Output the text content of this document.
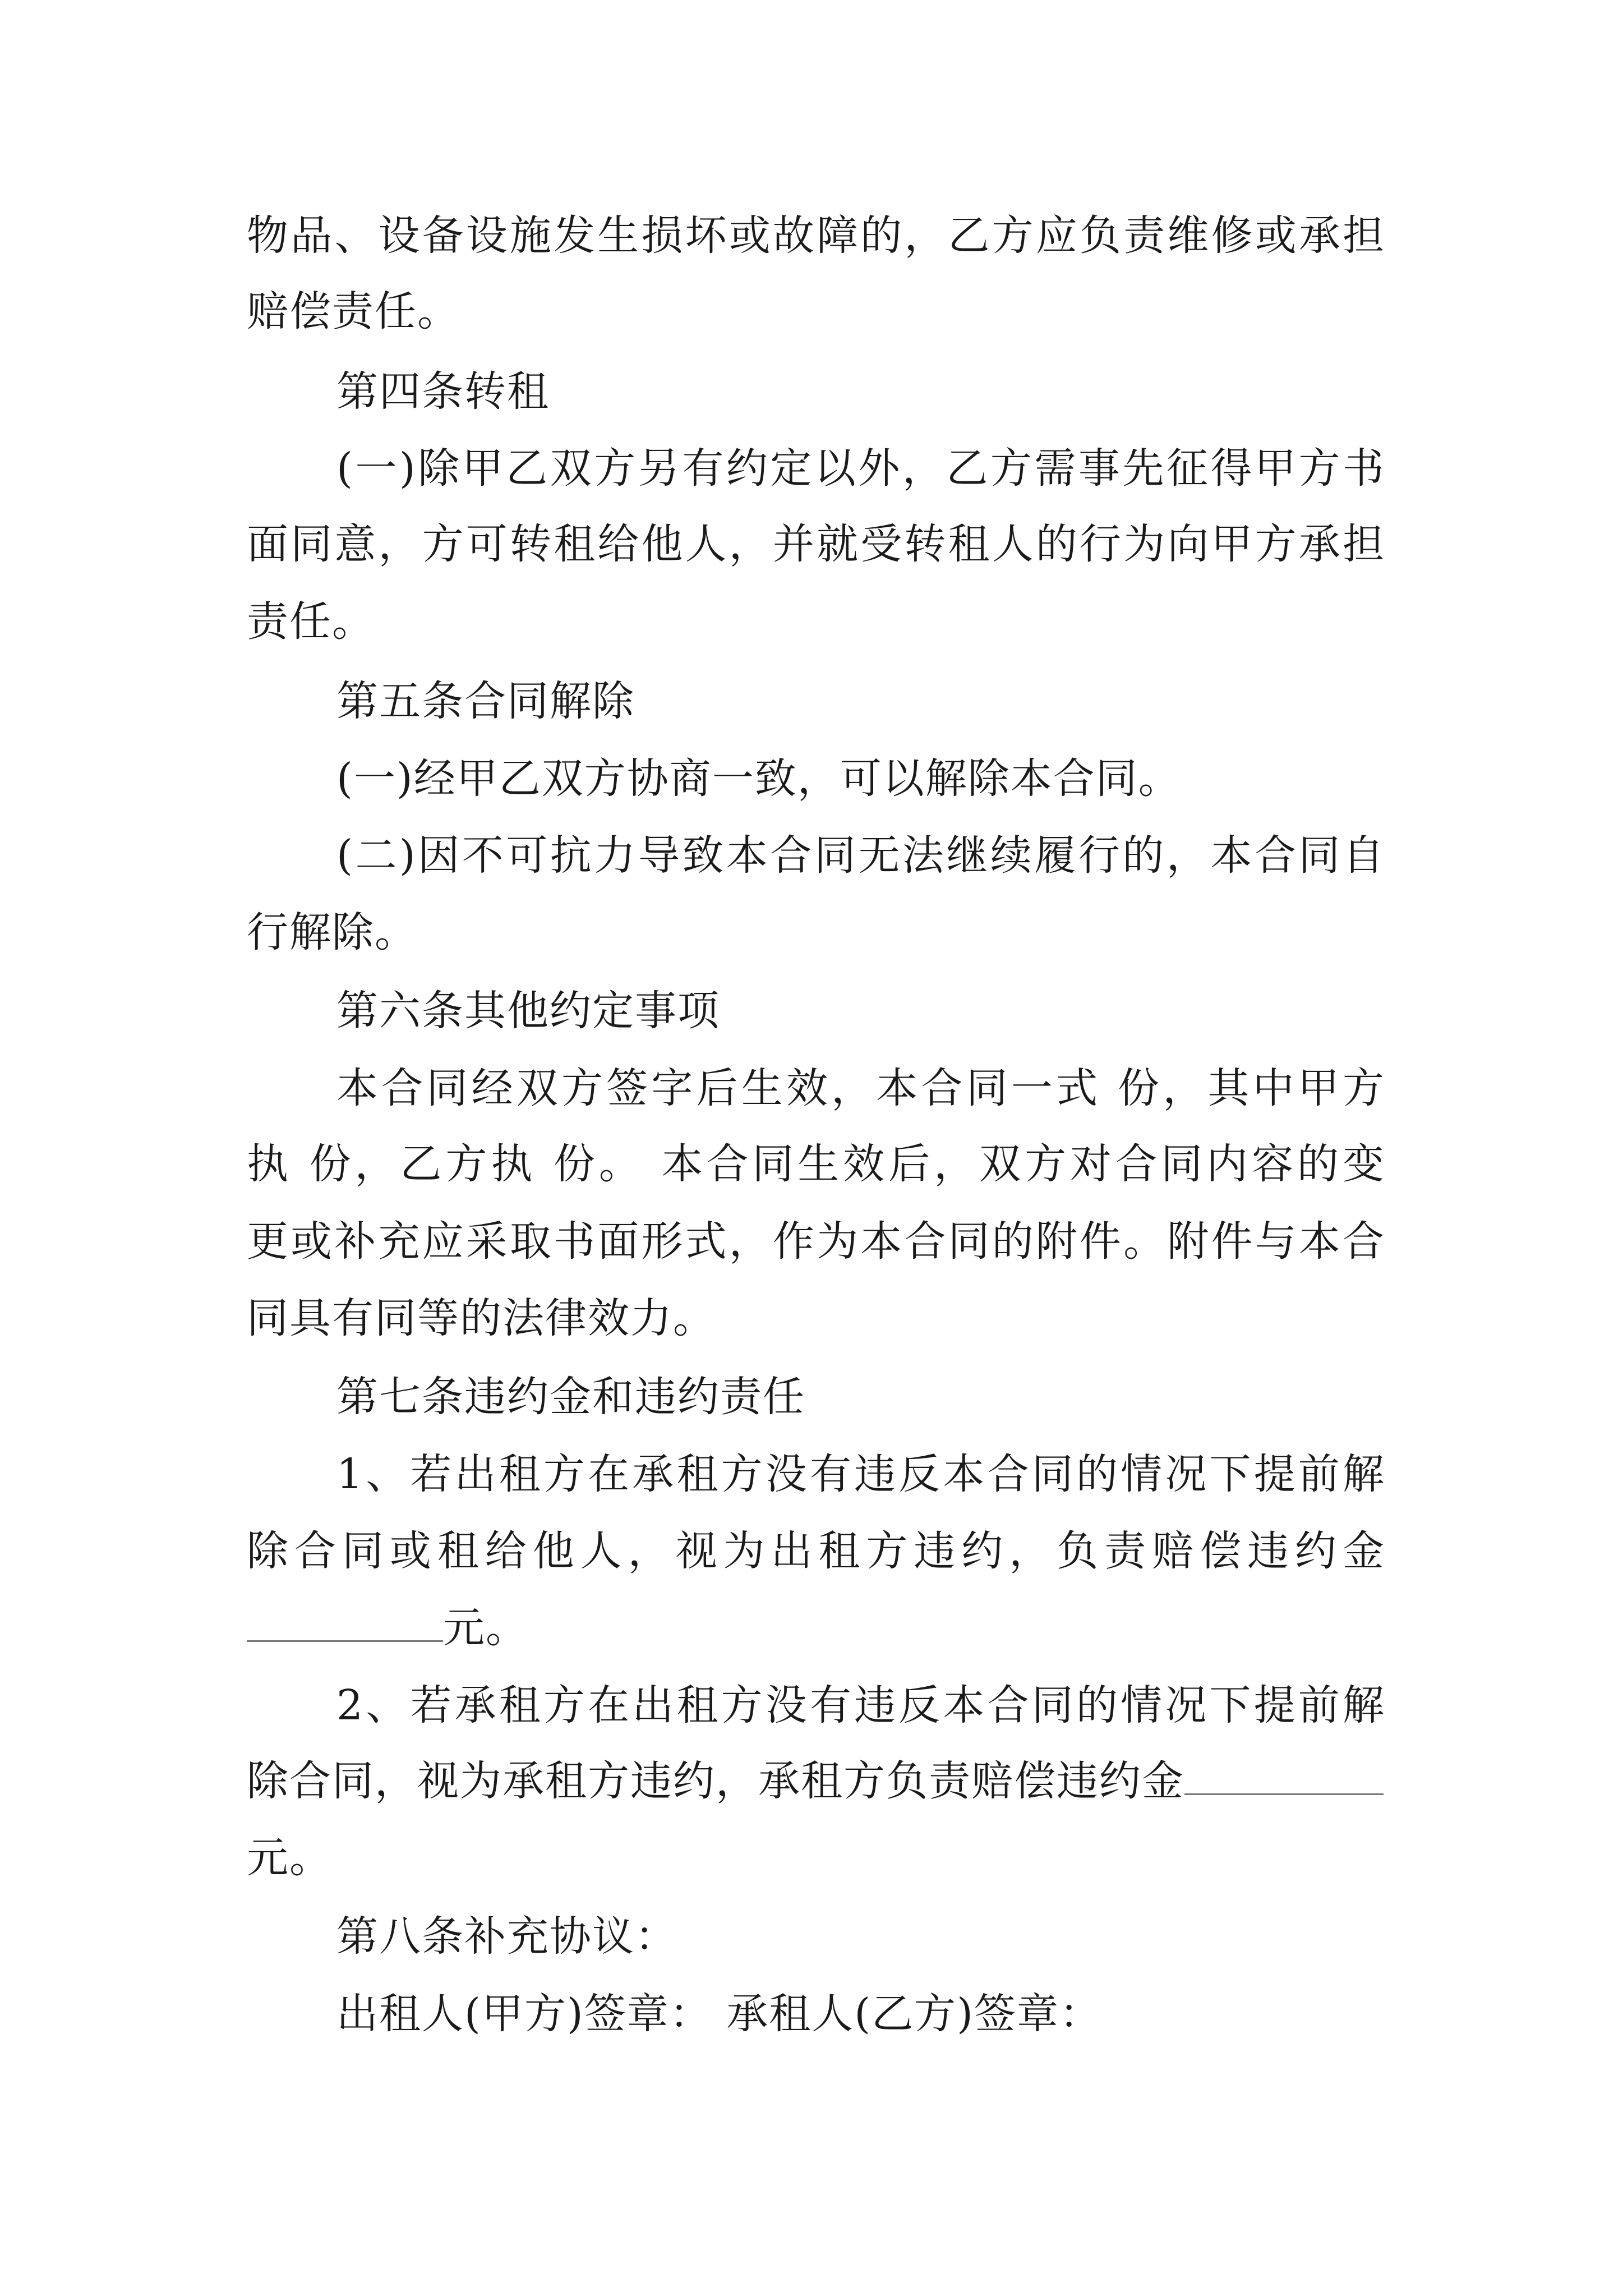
物品、设备设施发生损坏或故障的，乙方应负责维修或承担
赔偿责任。
第四条转租
(一)除甲乙双方另有约定以外，乙方需事先征得甲方书
面同意，方可转租给他人，并就受转租人的行为向甲方承担
责任。
第五条合同解除
(一)经甲乙双方协商一致，可以解除本合同。
(二)因不可抗力导致本合同无法继续履行的，本合同自
行解除。
第六条其他约定事项
本合同经双方签字后生效，本合同一式 份，其中甲方
执 份，乙方执 份。 本合同生效后，双方对合同内容的变
更或补充应采取书面形式，作为本合同的附件。附件与本合
同具有同等的法律效力。
第七条违约金和违约责任
1、若出租方在承租方没有违反本合同的情况下提前解
除合同或租给他人，视为出租方违约，负责赔偿违约金
元。
2、若承租方在出租方没有违反本合同的情况下提前解
除合同，视为承租方违约，承租方负责赔偿违约金
元。
第八条补充协议：
出租人(甲方)签章： 承租人(乙方)签章：
